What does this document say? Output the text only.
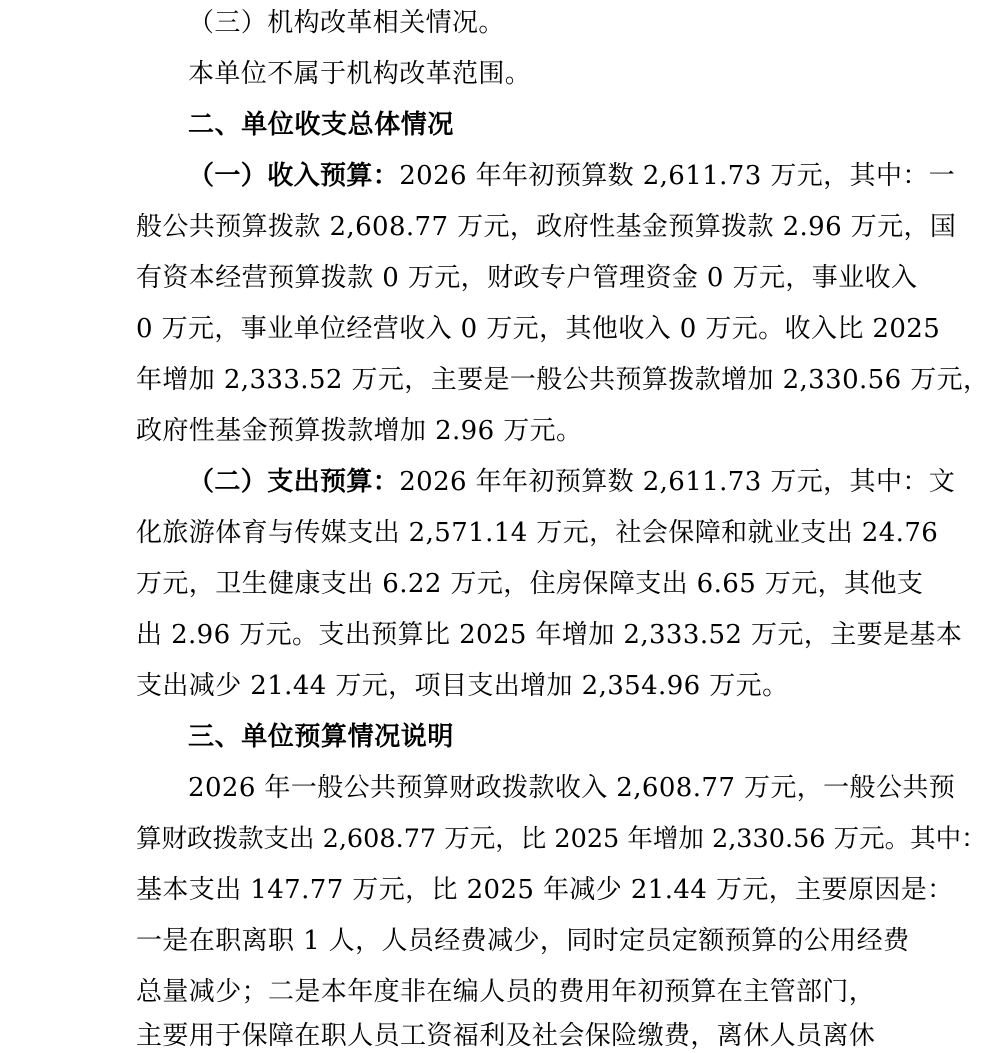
（三）机构改革相关情况。
本单位不属于机构改革范围。
二、单位收支总体情况
（一）收入预算：2026 年年初预算数 2,611.73 万元，其中：一
般公共预算拨款 2,608.77 万元，政府性基金预算拨款 2.96 万元，国
有资本经营预算拨款 0 万元，财政专户管理资金 0 万元，事业收入
0 万元，事业单位经营收入 0 万元，其他收入 0 万元。收入比 2025
年增加 2,333.52 万元，主要是一般公共预算拨款增加 2,330.56 万元，
政府性基金预算拨款增加 2.96 万元。
（二）支出预算：2026 年年初预算数 2,611.73 万元，其中：文
化旅游体育与传媒支出 2,571.14 万元，社会保障和就业支出 24.76
万元，卫生健康支出 6.22 万元，住房保障支出 6.65 万元，其他支
出 2.96 万元。支出预算比 2025 年增加 2,333.52 万元，主要是基本
支出减少 21.44 万元，项目支出增加 2,354.96 万元。
三、单位预算情况说明
2026 年一般公共预算财政拨款收入 2,608.77 万元，一般公共预
算财政拨款支出 2,608.77 万元，比 2025 年增加 2,330.56 万元。其中：
基本支出 147.77 万元，比 2025 年减少 21.44 万元，主要原因是：
一是在职离职 1 人，人员经费减少，同时定员定额预算的公用经费
总量减少；二是本年度非在编人员的费用年初预算在主管部门，
主要用于保障在职人员工资福利及社会保险缴费，离休人员离休
